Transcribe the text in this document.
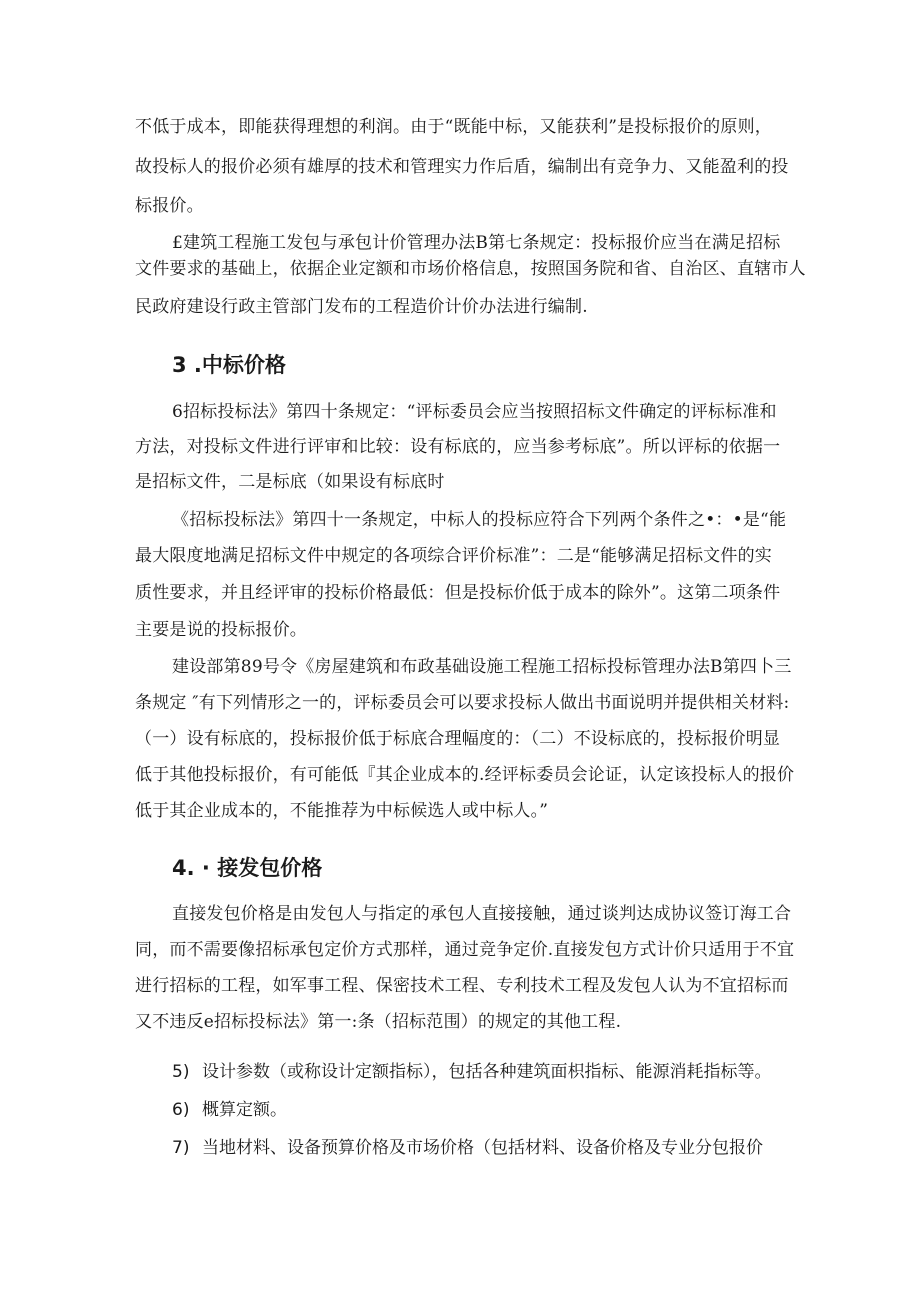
不低于成本，即能获得理想的利润。由于“既能中标，又能获利”是投标报价的原则，
故投标人的报价必须有雄厚的技术和管理实力作后盾，编制出有竞争力、又能盈利的投
标报价。
£建筑工程施工发包与承包计价管理办法B第七条规定：投标报价应当在满足招标
文件要求的基础上，依据企业定额和市场价格信息，按照国务院和省、自治区、直辖市人
民政府建设行政主管部门发布的工程造价计价办法进行编制.
3 .中标价格
6招标投标法》第四十条规定：“评标委员会应当按照招标文件确定的评标标准和
方法，对投标文件进行评审和比较：设有标底的，应当参考标底”。所以评标的依据一
是招标文件，二是标底（如果设有标底时
《招标投标法》第四十一条规定，中标人的投标应符合下列两个条件之•：•是“能
最大限度地满足招标文件中规定的各项综合评价标准”：二是“能够满足招标文件的实
质性要求，并且经评审的投标价格最低：但是投标价低于成本的除外”。这第二项条件
主要是说的投标报价。
建设部第89号令《房屋建筑和布政基础设施工程施工招标投标管理办法B第四卜三
条规定 ″有下列情形之一的，评标委员会可以要求投标人做出书面说明并提供相关材料:
（一）设有标底的，投标报价低于标底合理幅度的：（二）不设标底的，投标报价明显
低于其他投标报价，有可能低『其企业成本的.经评标委员会论证，认定该投标人的报价
低于其企业成本的，不能推荐为中标候选人或中标人。”
4. · 接发包价格
直接发包价格是由发包人与指定的承包人直接接触，通过谈判达成协议签订海工合
同，而不需要像招标承包定价方式那样，通过竞争定价.直接发包方式计价只适用于不宜
进行招标的工程，如军事工程、保密技术工程、专利技术工程及发包人认为不宜招标而
又不违反e招标投标法》第一:条（招标范围）的规定的其他工程.
5) 设计参数（或称设计定额指标），包括各种建筑面枳指标、能源消耗指标等。
6) 概算定额。
7) 当地材料、设备预算价格及市场价格（包括材料、设备价格及专业分包报价
